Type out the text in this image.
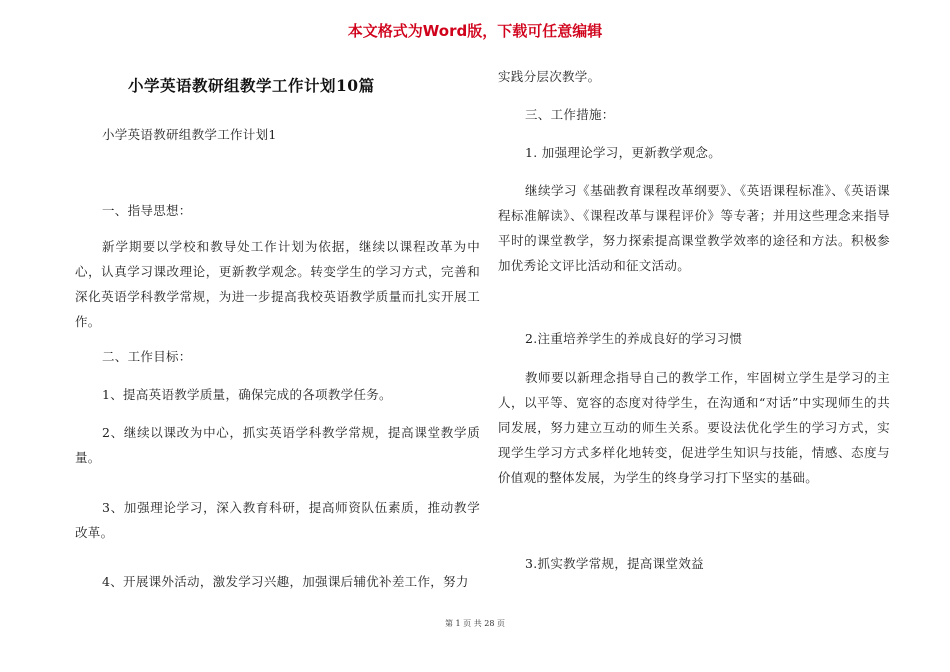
本文格式为Word版，下载可任意编辑
小学英语教研组教学工作计划10篇

小学英语教研组教学工作计划1

一、指导思想：

新学期要以学校和教导处工作计划为依据，继续以课程改革为中心，认真学习课改理论，更新教学观念。转变学生的学习方式，完善和深化英语学科教学常规，为进一步提高我校英语教学质量而扎实开展工作。

二、工作目标：

1、提高英语教学质量，确保完成的各项教学任务。

2、继续以课改为中心，抓实英语学科教学常规，提高课堂教学质量。

3、加强理论学习，深入教育科研，提高师资队伍素质，推动教学改革。

4、开展课外活动，激发学习兴趣，加强课后辅优补差工作，努力

实践分层次教学。

三、工作措施：

1. 加强理论学习，更新教学观念。

继续学习《基础教育课程改革纲要》、《英语课程标准》、《英语课程标准解读》、《课程改革与课程评价》等专著；并用这些理念来指导平时的课堂教学，努力探索提高课堂教学效率的途径和方法。积极参加优秀论文评比活动和征文活动。

2.注重培养学生的养成良好的学习习惯

教师要以新理念指导自己的教学工作，牢固树立学生是学习的主人，以平等、宽容的态度对待学生，在沟通和“对话”中实现师生的共同发展，努力建立互动的师生关系。要设法优化学生的学习方式，实现学生学习方式多样化地转变，促进学生知识与技能，情感、态度与价值观的整体发展，为学生的终身学习打下坚实的基础。

3.抓实教学常规，提高课堂效益

第 1 页 共 28 页
